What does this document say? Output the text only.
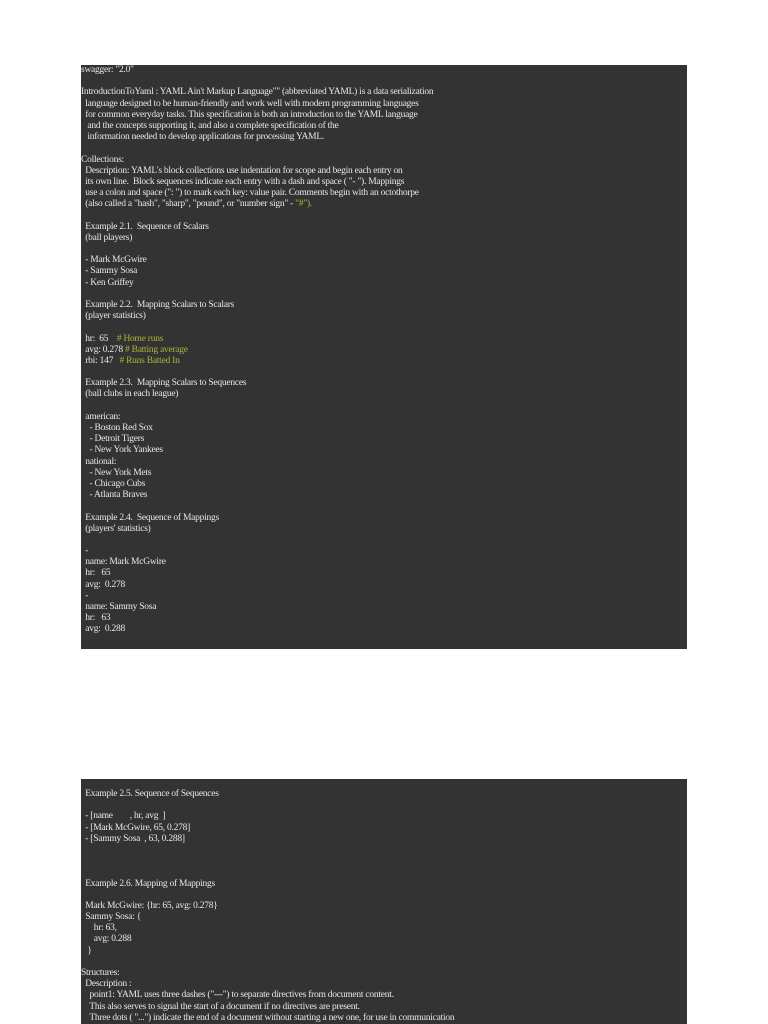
swagger: "2.0"
IntroductionToYaml : YAML Ain't Markup Language"" (abbreviated YAML) is a data serialization
language designed to be human-friendly and work well with modern programming languages
for common everyday tasks. This specification is both an introduction to the YAML language
and the concepts supporting it, and also a complete specification of the
information needed to develop applications for processing YAML.
Collections:
Description: YAML's block collections use indentation for scope and begin each entry on
its own line.  Block sequences indicate each entry with a dash and space ( "- "). Mappings
use a colon and space (": ") to mark each key: value pair. Comments begin with an octothorpe
(also called a "hash", "sharp", "pound", or "number sign" - "#").
Example 2.1.  Sequence of Scalars
(ball players)
- Mark McGwire
- Sammy Sosa
- Ken Griffey
Example 2.2.  Mapping Scalars to Scalars
(player statistics)
hr:  65    # Home runs
avg: 0.278 # Batting average
rbi: 147   # Runs Batted In
Example 2.3.  Mapping Scalars to Sequences
(ball clubs in each league)
american:
- Boston Red Sox
- Detroit Tigers
- New York Yankees
national:
- New York Mets
- Chicago Cubs
- Atlanta Braves
Example 2.4.  Sequence of Mappings
(players' statistics)
-
name: Mark McGwire
hr:   65
avg:  0.278
-
name: Sammy Sosa
hr:   63
avg:  0.288
Example 2.5. Sequence of Sequences
- [name        , hr, avg  ]
- [Mark McGwire, 65, 0.278]
- [Sammy Sosa  , 63, 0.288]
Example 2.6. Mapping of Mappings
Mark McGwire: {hr: 65, avg: 0.278}
Sammy Sosa: {
hr: 63,
avg: 0.288
}
Structures:
Description :
point1: YAML uses three dashes ("---") to separate directives from document content.
This also serves to signal the start of a document if no directives are present.
Three dots ( "...") indicate the end of a document without starting a new one, for use in communication
